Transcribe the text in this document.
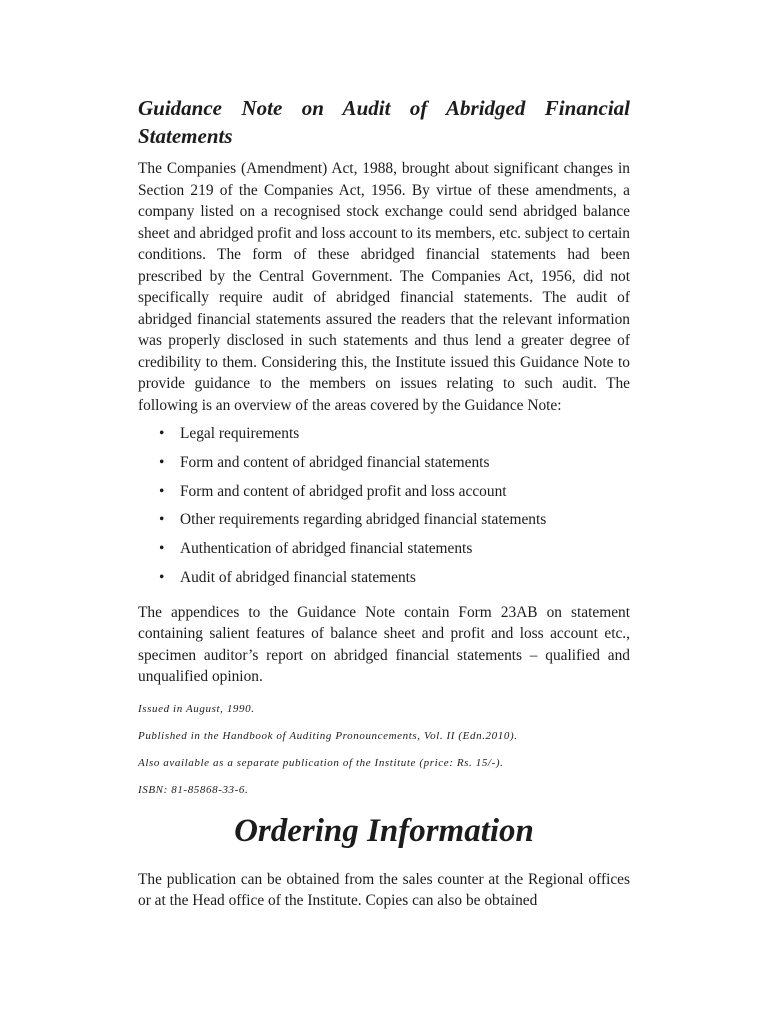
Guidance Note on Audit of Abridged Financial Statements

The Companies (Amendment) Act, 1988, brought about significant changes in Section 219 of the Companies Act, 1956. By virtue of these amendments, a company listed on a recognised stock exchange could send abridged balance sheet and abridged profit and loss account to its members, etc. subject to certain conditions. The form of these abridged financial statements had been prescribed by the Central Government. The Companies Act, 1956, did not specifically require audit of abridged financial statements. The audit of abridged financial statements assured the readers that the relevant information was properly disclosed in such statements and thus lend a greater degree of credibility to them. Considering this, the Institute issued this Guidance Note to provide guidance to the members on issues relating to such audit. The following is an overview of the areas covered by the Guidance Note:

• Legal requirements
• Form and content of abridged financial statements
• Form and content of abridged profit and loss account
• Other requirements regarding abridged financial statements
• Authentication of abridged financial statements
• Audit of abridged financial statements

The appendices to the Guidance Note contain Form 23AB on statement containing salient features of balance sheet and profit and loss account etc., specimen auditor’s report on abridged financial statements – qualified and unqualified opinion.

Issued in August, 1990.

Published in the Handbook of Auditing Pronouncements, Vol. II (Edn.2010).

Also available as a separate publication of the Institute (price: Rs. 15/-).

ISBN: 81-85868-33-6.

Ordering Information

The publication can be obtained from the sales counter at the Regional offices or at the Head office of the Institute. Copies can also be obtained
